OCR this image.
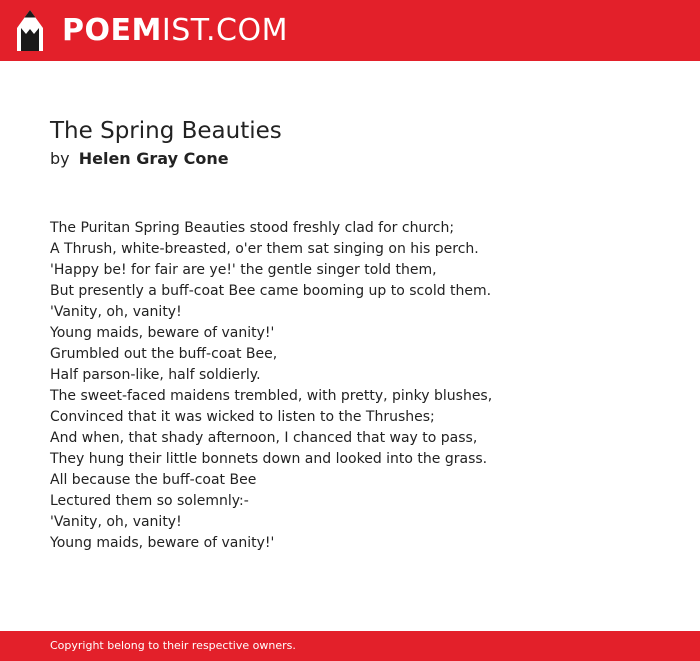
POEMIST.COM
The Spring Beauties
by Helen Gray Cone
The Puritan Spring Beauties stood freshly clad for church;
A Thrush, white-breasted, o'er them sat singing on his perch.
'Happy be! for fair are ye!' the gentle singer told them,
But presently a buff-coat Bee came booming up to scold them.
'Vanity, oh, vanity!
Young maids, beware of vanity!'
Grumbled out the buff-coat Bee,
Half parson-like, half soldierly.
The sweet-faced maidens trembled, with pretty, pinky blushes,
Convinced that it was wicked to listen to the Thrushes;
And when, that shady afternoon, I chanced that way to pass,
They hung their little bonnets down and looked into the grass.
All because the buff-coat Bee
Lectured them so solemnly:-
'Vanity, oh, vanity!
Young maids, beware of vanity!'
Copyright belong to their respective owners.
